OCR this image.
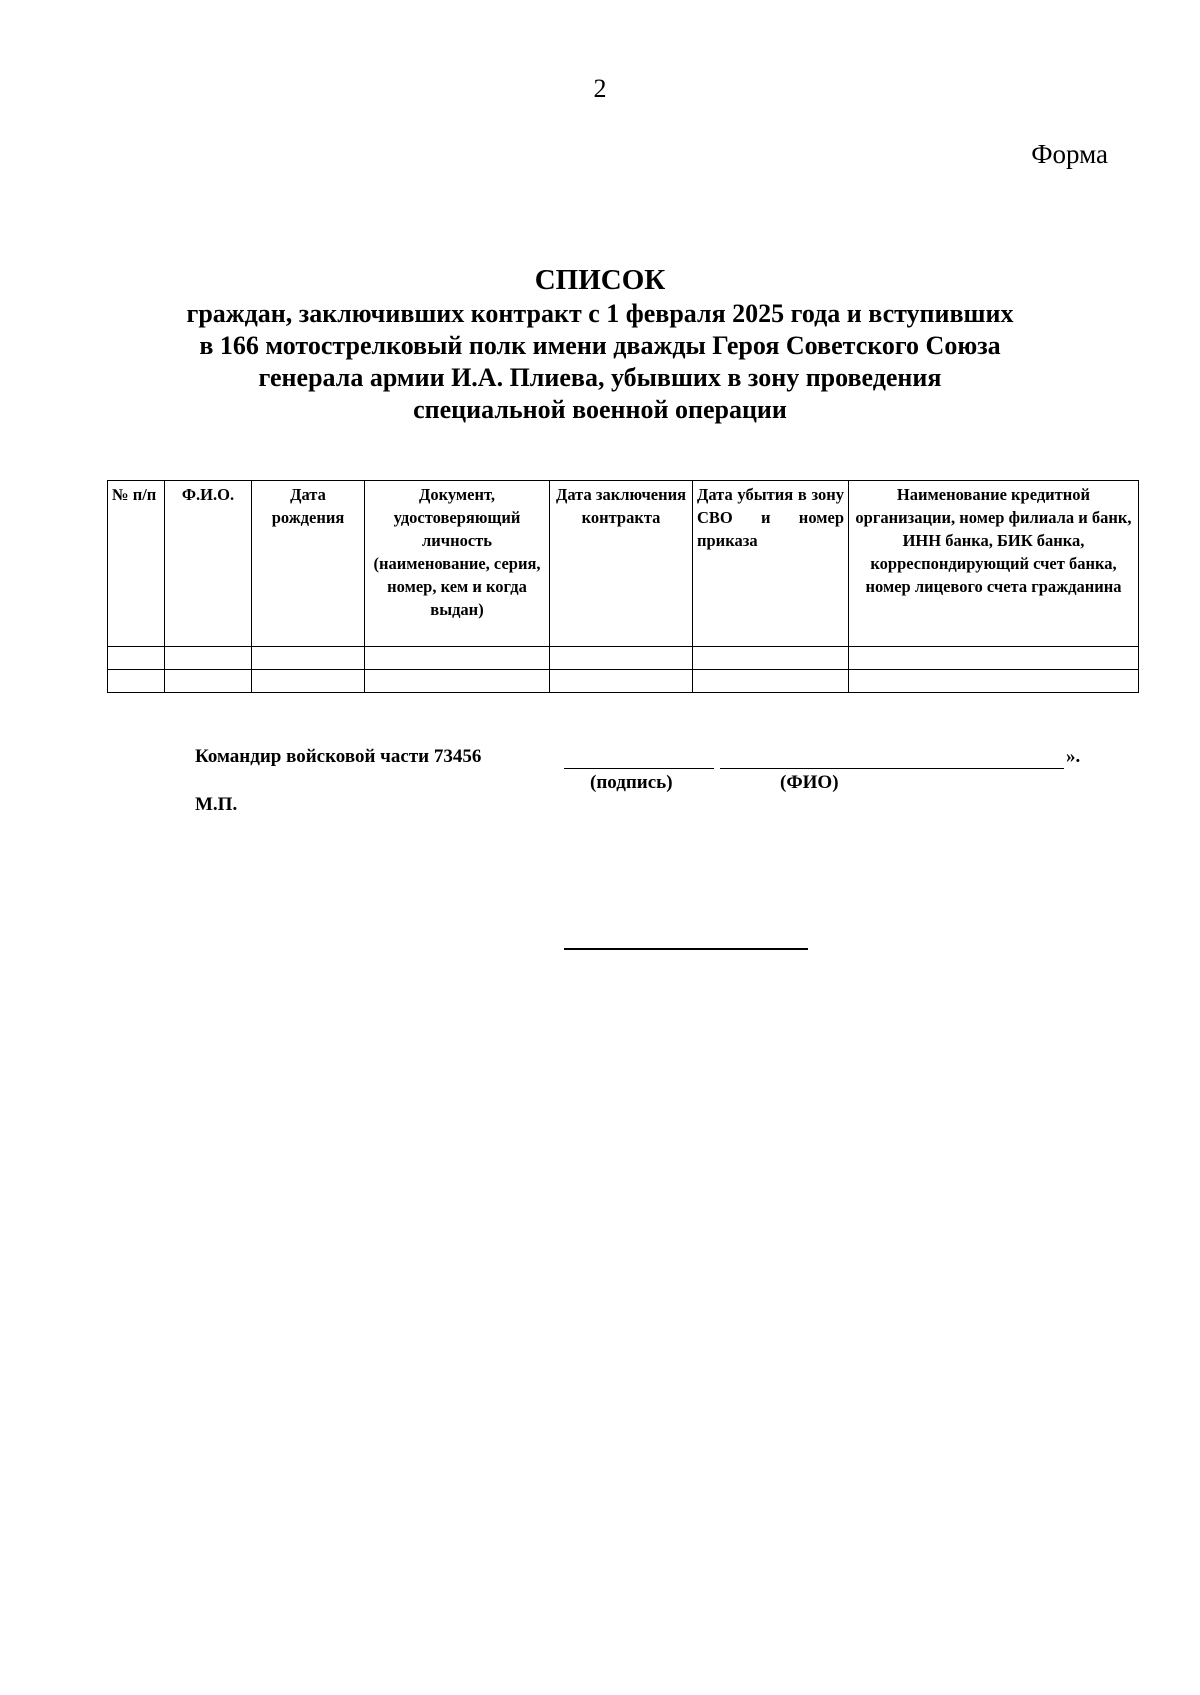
2
Форма
СПИСОК
граждан, заключивших контракт с 1 февраля 2025 года и вступивших
в 166 мотострелковый полк имени дважды Героя Советского Союза
генерала армии И.А. Плиева, убывших в зону проведения
специальной военной операции
№ п/п	Ф.И.О.	Дата рождения	Документ, удостоверяющий личность (наименование, серия, номер, кем и когда выдан)	Дата заключения контракта	Дата убытия в зону СВО и номер приказа	Наименование кредитной организации, номер филиала и банк, ИНН банка, БИК банка, корреспондирующий счет банка, номер лицевого счета гражданина

Командир войсковой части 73456	».
(подпись)	(ФИО)
М.П.
